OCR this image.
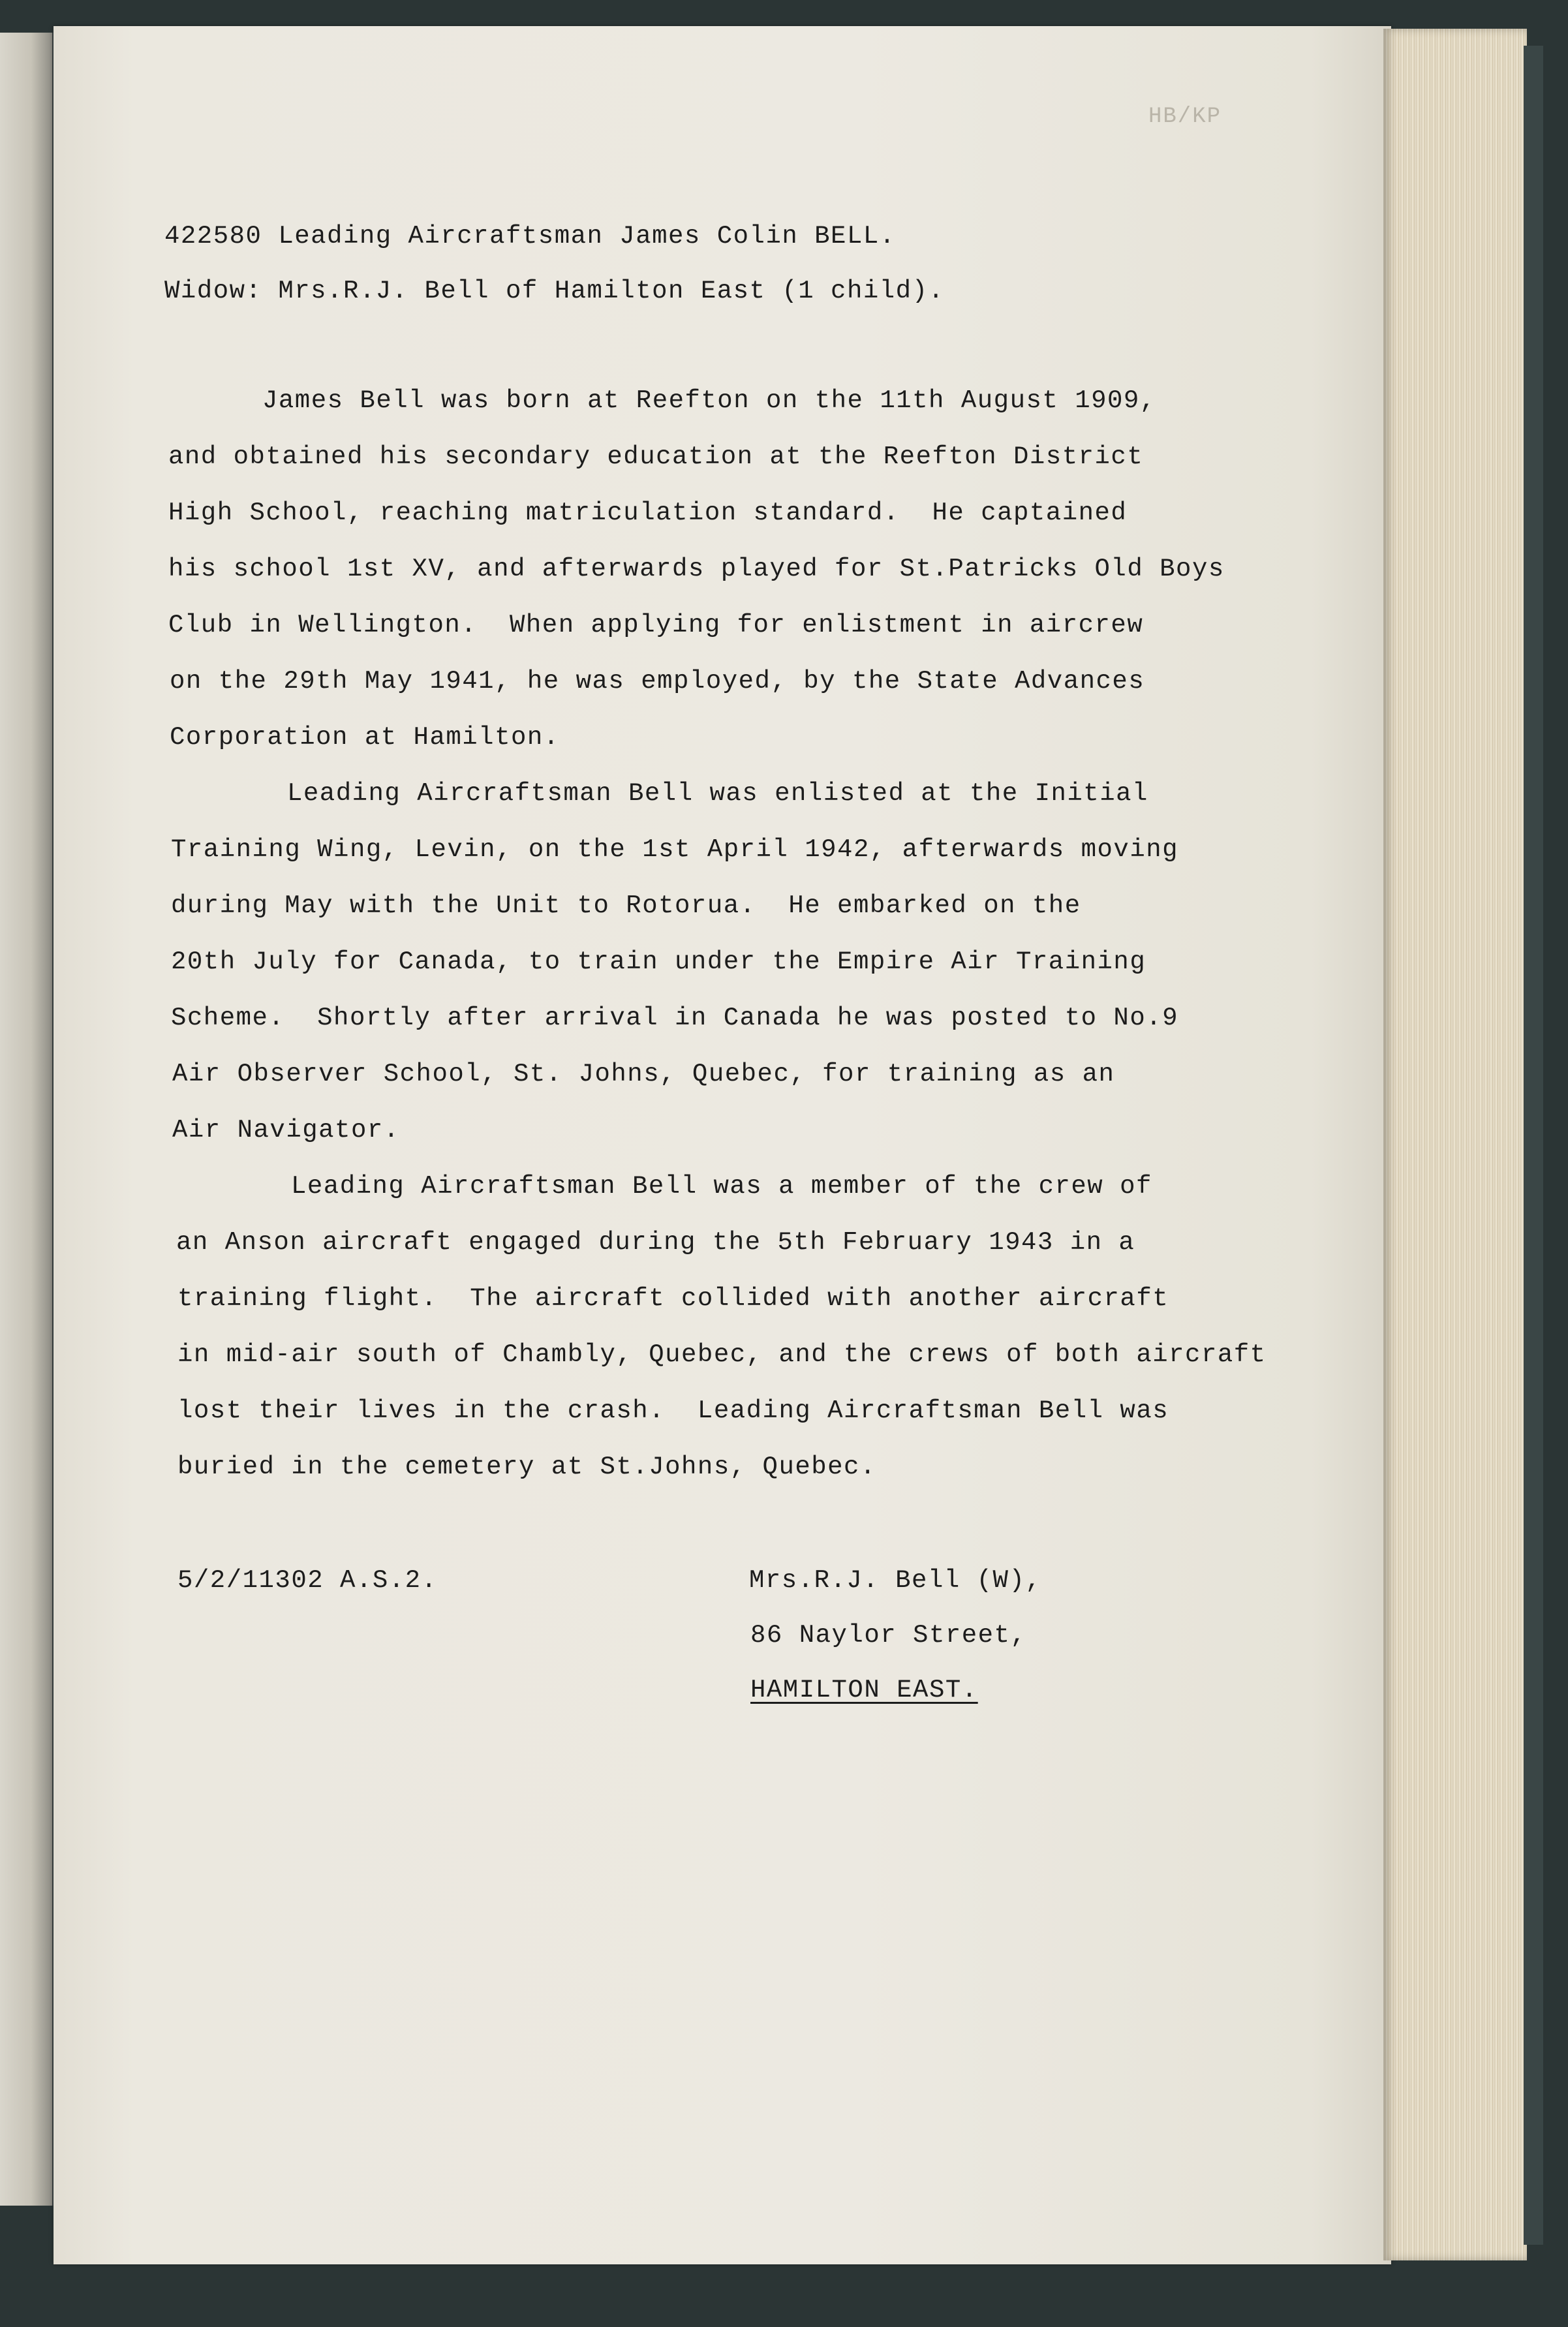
HB/KP

422580 Leading Aircraftsman James Colin BELL.

Widow: Mrs.R.J. Bell of Hamilton East (1 child).

James Bell was born at Reefton on the 11th August 1909,

and obtained his secondary education at the Reefton District

High School, reaching matriculation standard.  He captained

his school 1st XV, and afterwards played for St.Patricks Old Boys

Club in Wellington.  When applying for enlistment in aircrew

on the 29th May 1941, he was employed, by the State Advances

Corporation at Hamilton.

Leading Aircraftsman Bell was enlisted at the Initial

Training Wing, Levin, on the 1st April 1942, afterwards moving

during May with the Unit to Rotorua.  He embarked on the

20th July for Canada, to train under the Empire Air Training

Scheme.  Shortly after arrival in Canada he was posted to No.9

Air Observer School, St. Johns, Quebec, for training as an

Air Navigator.

Leading Aircraftsman Bell was a member of the crew of

an Anson aircraft engaged during the 5th February 1943 in a

training flight.  The aircraft collided with another aircraft

in mid-air south of Chambly, Quebec, and the crews of both aircraft

lost their lives in the crash.  Leading Aircraftsman Bell was

buried in the cemetery at St.Johns, Quebec.

5/2/11302 A.S.2.	Mrs.R.J. Bell (W),

86 Naylor Street,

HAMILTON EAST.
